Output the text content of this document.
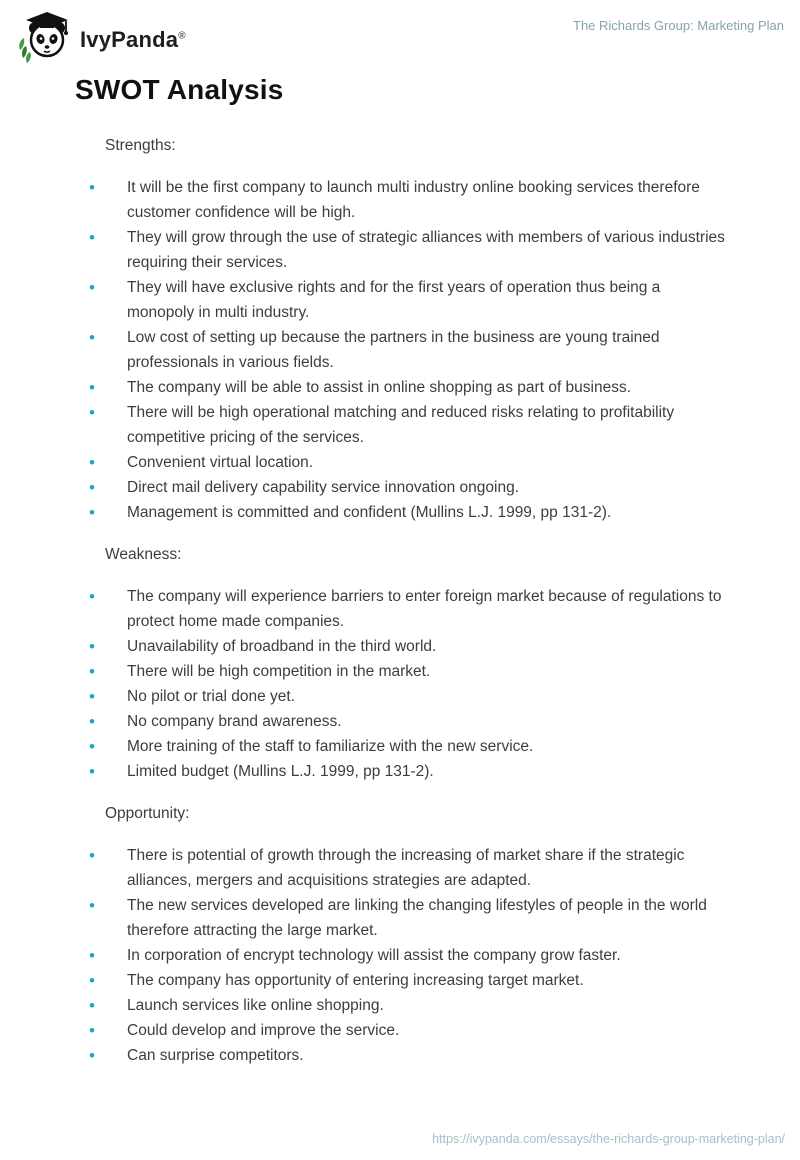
IvyPanda®
The Richards Group: Marketing Plan
SWOT Analysis
Strengths:
• It will be the first company to launch multi industry online booking services therefore customer confidence will be high.
• They will grow through the use of strategic alliances with members of various industries requiring their services.
• They will have exclusive rights and for the first years of operation thus being a monopoly in multi industry.
• Low cost of setting up because the partners in the business are young trained professionals in various fields.
• The company will be able to assist in online shopping as part of business.
• There will be high operational matching and reduced risks relating to profitability competitive pricing of the services.
• Convenient virtual location.
• Direct mail delivery capability service innovation ongoing.
• Management is committed and confident (Mullins L.J. 1999, pp 131-2).
Weakness:
• The company will experience barriers to enter foreign market because of regulations to protect home made companies.
• Unavailability of broadband in the third world.
• There will be high competition in the market.
• No pilot or trial done yet.
• No company brand awareness.
• More training of the staff to familiarize with the new service.
• Limited budget (Mullins L.J. 1999, pp 131-2).
Opportunity:
• There is potential of growth through the increasing of market share if the strategic alliances, mergers and acquisitions strategies are adapted.
• The new services developed are linking the changing lifestyles of people in the world therefore attracting the large market.
• In corporation of encrypt technology will assist the company grow faster.
• The company has opportunity of entering increasing target market.
• Launch services like online shopping.
• Could develop and improve the service.
• Can surprise competitors.
https://ivypanda.com/essays/the-richards-group-marketing-plan/
